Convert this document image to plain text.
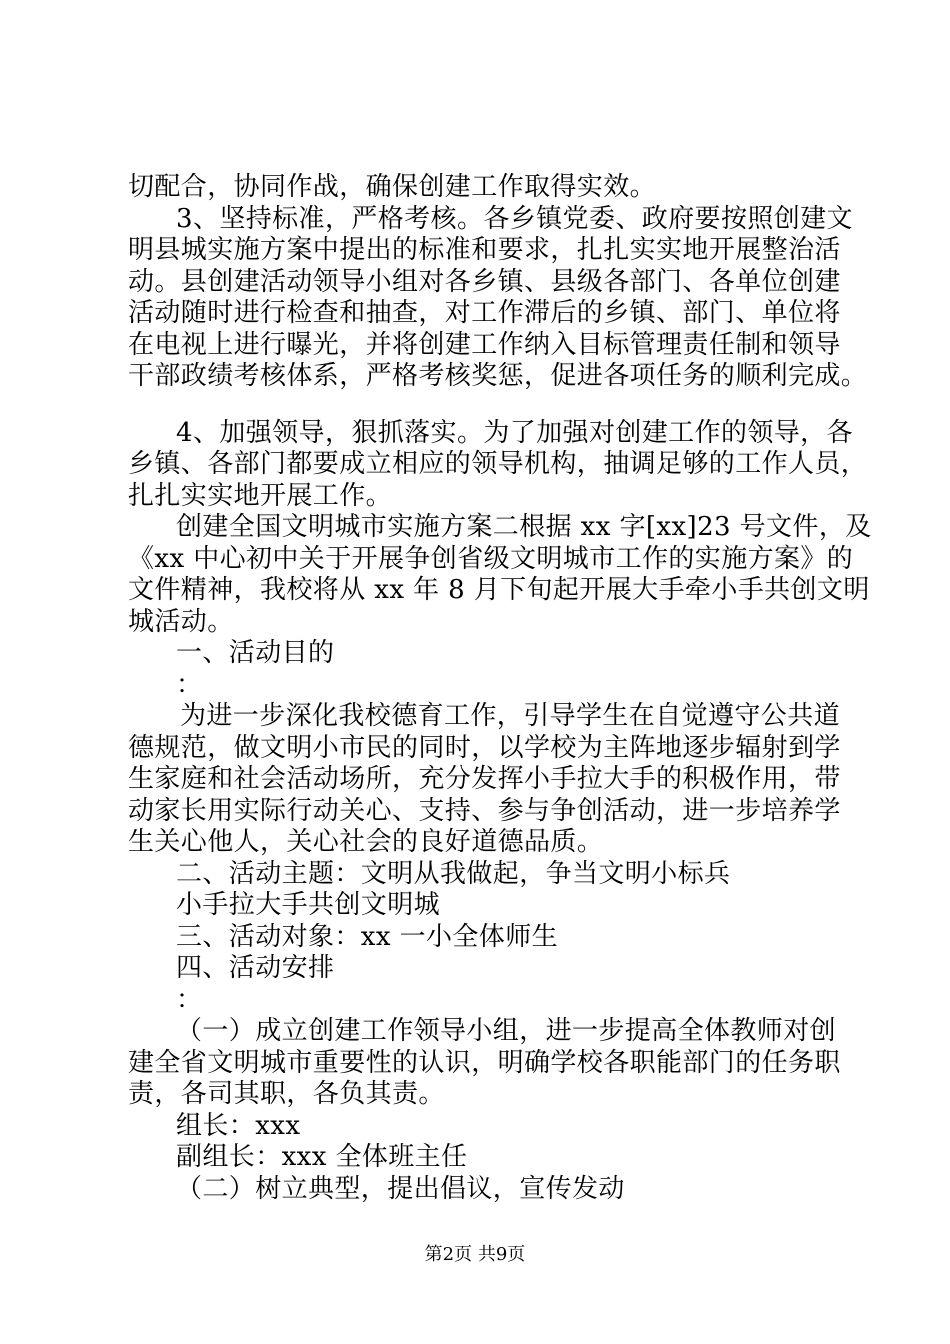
切配合，协同作战，确保创建工作取得实效。

3、坚持标准，严格考核。各乡镇党委、政府要按照创建文

明县城实施方案中提出的标准和要求，扎扎实实地开展整治活

动。县创建活动领导小组对各乡镇、县级各部门、各单位创建

活动随时进行检查和抽查，对工作滞后的乡镇、部门、单位将

在电视上进行曝光，并将创建工作纳入目标管理责任制和领导

干部政绩考核体系，严格考核奖惩，促进各项任务的顺利完成。

4、加强领导，狠抓落实。为了加强对创建工作的领导，各

乡镇、各部门都要成立相应的领导机构，抽调足够的工作人员，

扎扎实实地开展工作。

创建全国文明城市实施方案二根据 xx 字[xx]23 号文件，及

《xx 中心初中关于开展争创省级文明城市工作的实施方案》的

文件精神，我校将从 xx 年 8 月下旬起开展大手牵小手共创文明

城活动。

一、活动目的

：

为进一步深化我校德育工作，引导学生在自觉遵守公共道

德规范，做文明小市民的同时，以学校为主阵地逐步辐射到学

生家庭和社会活动场所，充分发挥小手拉大手的积极作用，带

动家长用实际行动关心、支持、参与争创活动，进一步培养学

生关心他人，关心社会的良好道德品质。

二、活动主题：文明从我做起，争当文明小标兵

小手拉大手共创文明城

三、活动对象：xx 一小全体师生

四、活动安排

：

（一）成立创建工作领导小组，进一步提高全体教师对创

建全省文明城市重要性的认识，明确学校各职能部门的任务职

责，各司其职，各负其责。

组长：xxx

副组长：xxx 全体班主任

（二）树立典型，提出倡议，宣传发动

第2页 共9页
